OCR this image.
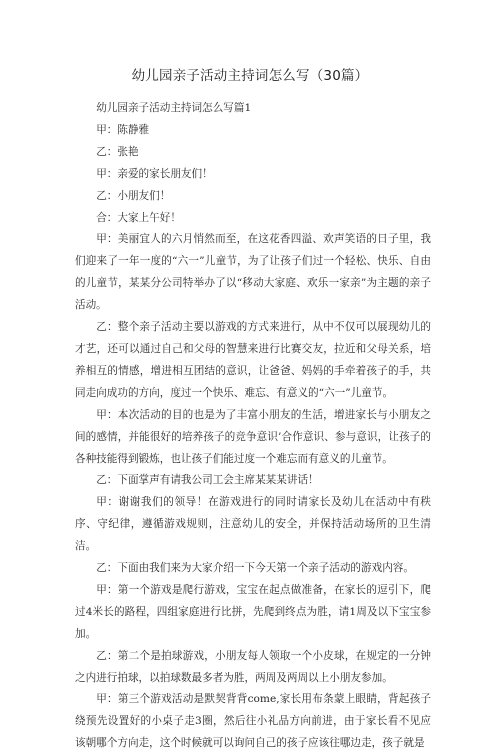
幼儿园亲子活动主持词怎么写（30篇）

幼儿园亲子活动主持词怎么写篇1

甲：陈静雅

乙：张艳

甲：亲爱的家长朋友们！

乙：小朋友们！

合：大家上午好！

甲：美丽宜人的六月悄然而至，在这花香四溢、欢声笑语的日子里，我们迎来了一年一度的“六一”儿童节，为了让孩子们过一个轻松、快乐、自由的儿童节，某某分公司特举办了以“移动大家庭、欢乐一家亲”为主题的亲子活动。

乙：整个亲子活动主要以游戏的方式来进行，从中不仅可以展现幼儿的才艺，还可以通过自己和父母的智慧来进行比赛交友，拉近和父母关系，培养相互的情感，增进相互团结的意识，让爸爸、妈妈的手牵着孩子的手，共同走向成功的方向，度过一个快乐、难忘、有意义的“六一”儿童节。

甲：本次活动的目的也是为了丰富小朋友的生活，增进家长与小朋友之间的感情，并能很好的培养孩子的竞争意识’合作意识、参与意识，让孩子的各种技能得到锻炼，也让孩子们能过度一个难忘而有意义的儿童节。

乙：下面掌声有请我公司工会主席某某某讲话！

甲：谢谢我们的领导！在游戏进行的同时请家长及幼儿在活动中有秩序、守纪律，遵循游戏规则，注意幼儿的安全，并保持活动场所的卫生清洁。

乙：下面由我们来为大家介绍一下今天第一个亲子活动的游戏内容。

甲：第一个游戏是爬行游戏，宝宝在起点做准备，在家长的逗引下，爬过4米长的路程，四组家庭进行比拼，先爬到终点为胜，请1周及以下宝宝参加。

乙：第二个是拍球游戏，小朋友每人领取一个小皮球，在规定的一分钟之内进行拍球，以拍球数最多者为胜，两周及两周以上小朋友参加。

甲：第三个游戏活动是默契背背come,家长用布条蒙上眼睛，背起孩子绕预先设置好的小桌子走3圈，然后往小礼品方向前进，由于家长看不见应该朝哪个方向走，这个时候就可以询问自己的孩子应该往哪边走，孩子就是
